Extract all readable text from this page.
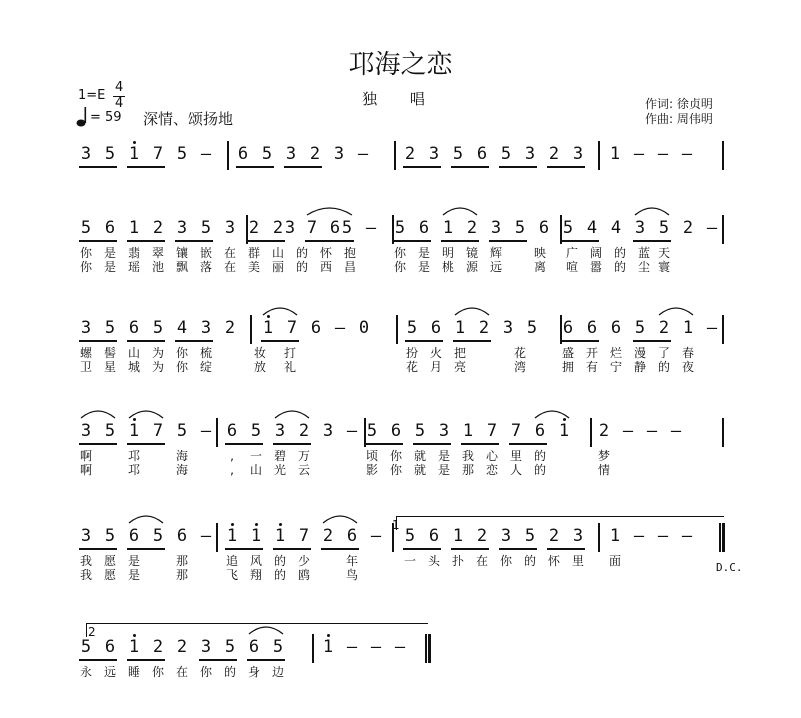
邛海之恋
独 唱
1=E
4
4
= 59 深情、颂扬地
作词: 徐贞明
作曲: 周伟明
3 5 1 7 5 – 6 5 3 2 3 – 2 3 5 6 5 3 2 3 1 – – –
5 6 1 2 3 5 3 2 2 3 7 6 5 – 5 6 1 2 3 5 6 5 4 4 3 5 2 –
你 是 翡 翠 镶 嵌 在 群 山 的 怀 抱	你 是 明 镜 辉	映 广 阔 的 蓝 天
你 是 瑶 池 飘 落 在 美 丽 的 西 昌	你 是 桃 源 远	离 喧 嚣 的 尘 寰
3 5 6 5 4 3 2 1 7 6 – 0 5 6 1 2 3 5 6 6 6 5 2 1 –
螺 髻 山 为 你 梳	妆 打	扮 火 把	花	盛 开 烂 漫 了 春
卫 星 城 为 你 绽	放 礼	花 月 亮	湾	拥 有 宁 静 的 夜
3 5 1 7 5 – 6 5 3 2 3 – 5 6 5 3 1 7 7 6 1 2 – – –
啊	邛	海	,	一 碧 万	顷 你 就 是 我 心 里 的	梦
啊	邛	海	,	山 光 云	影 你 就 是 那 恋 人 的	情
3 5 6 5 6 – 1 1 1 7 2 6 – 5 6 1 2 3 5 2 3 1 – – –
我 愿 是	那	追 风 的 少	年	一 头 扑 在 你 的 怀 里 面
我 愿 是	那	飞 翔 的 鸥	鸟
5 6 1 2 2 3 5 6 5 1 – – –
永 远 睡 你 在 你 的 身 边
1
2
D.C.
